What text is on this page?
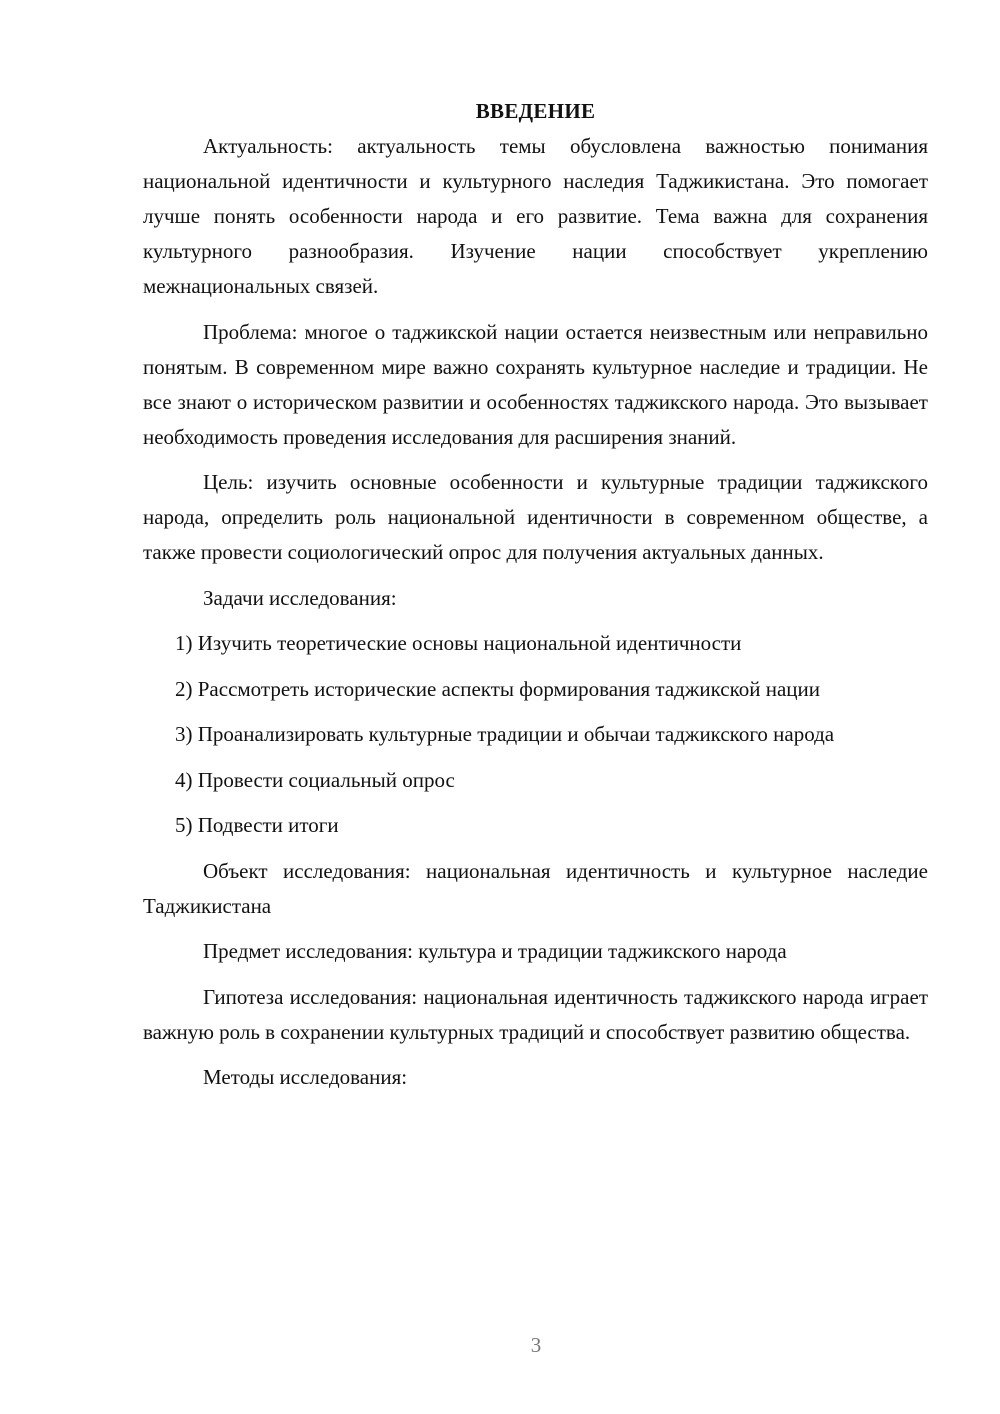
ВВЕДЕНИЕ

Актуальность: актуальность темы обусловлена важностью понимания национальной идентичности и культурного наследия Таджикистана. Это помогает лучше понять особенности народа и его развитие. Тема важна для сохранения культурного разнообразия. Изучение нации способствует укреплению межнациональных связей.

Проблема: многое о таджикской нации остается неизвестным или неправильно понятым. В современном мире важно сохранять культурное наследие и традиции. Не все знают о историческом развитии и особенностях таджикского народа. Это вызывает необходимость проведения исследования для расширения знаний.

Цель: изучить основные особенности и культурные традиции таджикского народа, определить роль национальной идентичности в современном обществе, а также провести социологический опрос для получения актуальных данных.

Задачи исследования:

1) Изучить теоретические основы национальной идентичности

2) Рассмотреть исторические аспекты формирования таджикской нации

3) Проанализировать культурные традиции и обычаи таджикского народа

4) Провести социальный опрос

5) Подвести итоги

Объект исследования: национальная идентичность и культурное наследие Таджикистана

Предмет исследования: культура и традиции таджикского народа

Гипотеза исследования: национальная идентичность таджикского народа играет важную роль в сохранении культурных традиций и способствует развитию общества.

Методы исследования:

3
